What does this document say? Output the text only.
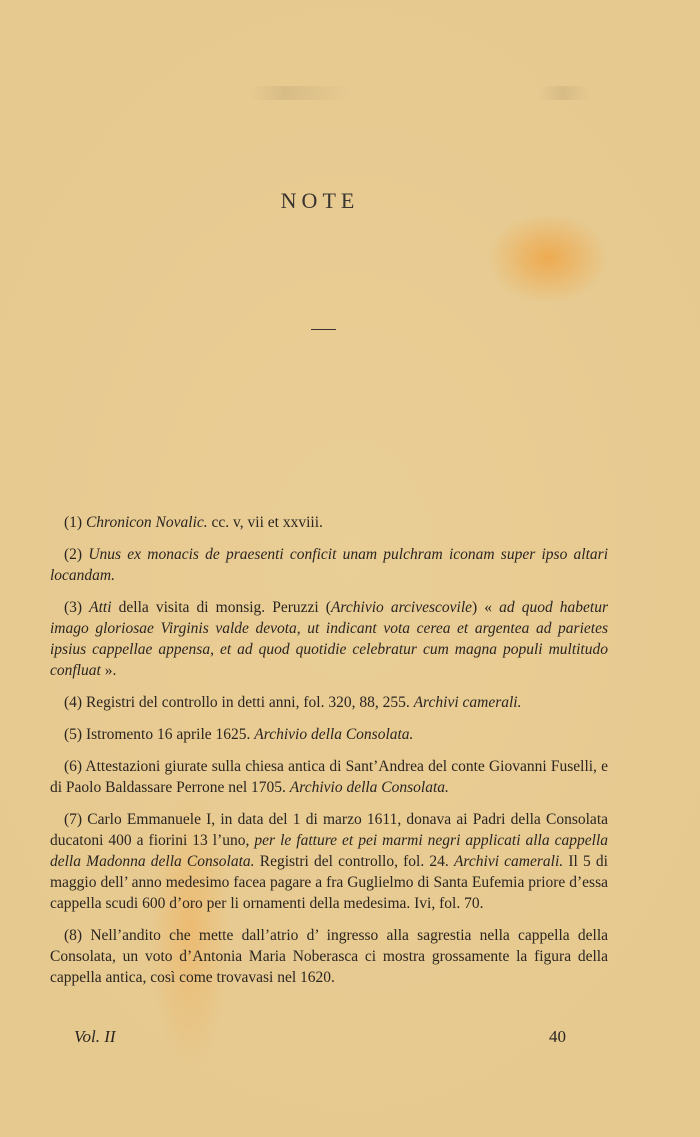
NOTE

(1) Chronicon Novalic. cc. v, vii et xxviii.

(2) Unus ex monacis de praesenti conficit unam pulchram iconam super ipso altari locandam.

(3) Atti della visita di monsig. Peruzzi (Archivio arcivescovile) « ad quod habetur imago gloriosae Virginis valde devota, ut indicant vota cerea et argentea ad parietes ipsius cappellae appensa, et ad quod quotidie celebratur cum magna populi multitudo confluat ».

(4) Registri del controllo in detti anni, fol. 320, 88, 255. Archivi camerali.

(5) Istromento 16 aprile 1625. Archivio della Consolata.

(6) Attestazioni giurate sulla chiesa antica di Sant’Andrea del conte Giovanni Fuselli, e di Paolo Baldassare Perrone nel 1705. Archivio della Consolata.

(7) Carlo Emmanuele I, in data del 1 di marzo 1611, donava ai Padri della Consolata ducatoni 400 a fiorini 13 l’uno, per le fatture et pei marmi negri applicati alla cappella della Madonna della Consolata. Registri del controllo, fol. 24. Archivi camerali. Il 5 di maggio dell’ anno medesimo facea pagare a fra Guglielmo di Santa Eufemia priore d’essa cappella scudi 600 d’oro per li ornamenti della medesima. Ivi, fol. 70.

(8) Nell’andito che mette dall’atrio d’ ingresso alla sagrestia nella cappella della Consolata, un voto d’Antonia Maria Noberasca ci mostra grossamente la figura della cappella antica, così come trovavasi nel 1620.

Vol. II	40
